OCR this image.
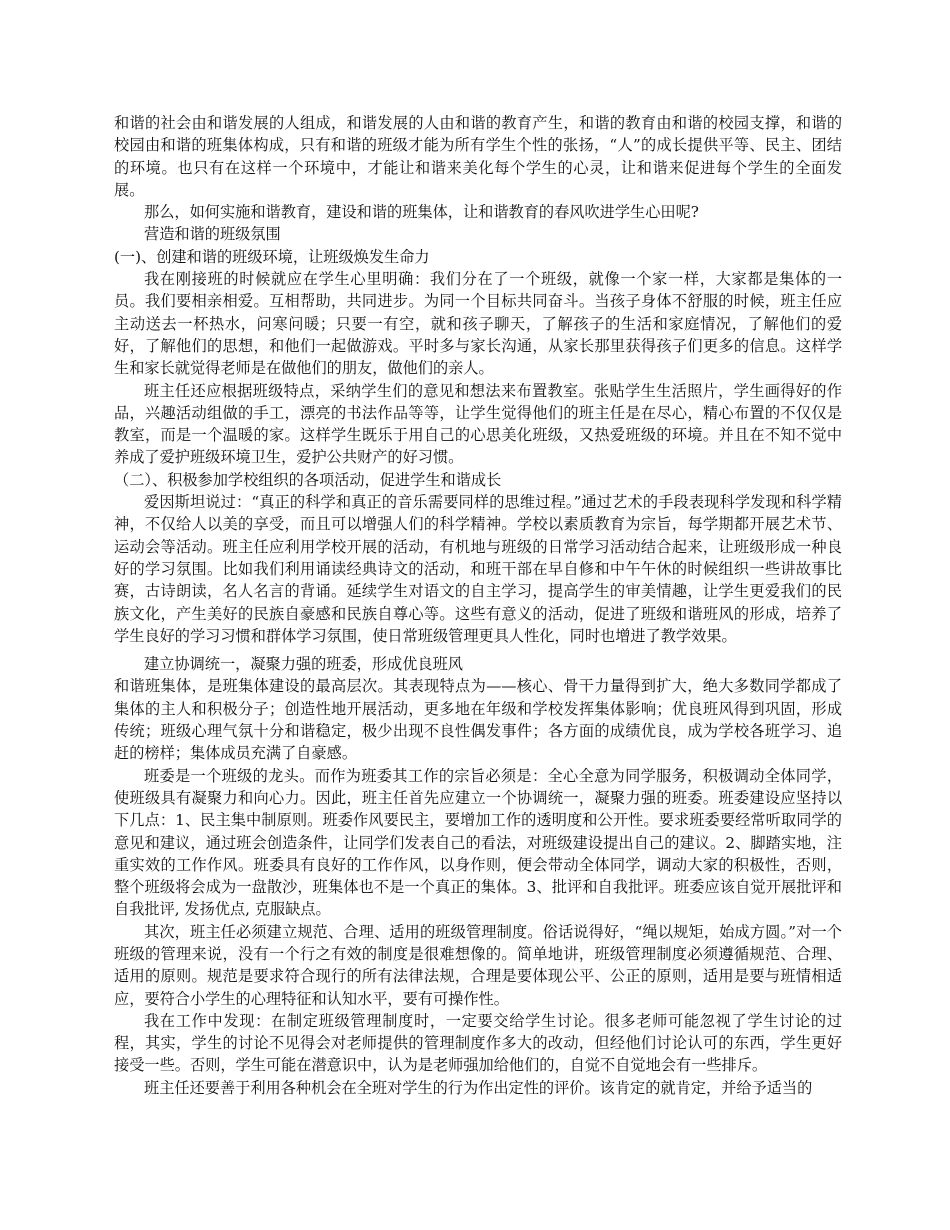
和谐的社会由和谐发展的人组成，和谐发展的人由和谐的教育产生，和谐的教育由和谐的校园支撑，和谐的校园由和谐的班集体构成，只有和谐的班级才能为所有学生个性的张扬，“人”的成长提供平等、民主、团结的环境。也只有在这样一个环境中，才能让和谐来美化每个学生的心灵，让和谐来促进每个学生的全面发展。

那么，如何实施和谐教育，建设和谐的班集体，让和谐教育的春风吹进学生心田呢?

营造和谐的班级氛围

(一)、创建和谐的班级环境，让班级焕发生命力

我在刚接班的时候就应在学生心里明确：我们分在了一个班级，就像一个家一样，大家都是集体的一员。我们要相亲相爱。互相帮助，共同进步。为同一个目标共同奋斗。当孩子身体不舒服的时候，班主任应主动送去一杯热水，问寒问暖；只要一有空，就和孩子聊天，了解孩子的生活和家庭情况，了解他们的爱好，了解他们的思想，和他们一起做游戏。平时多与家长沟通，从家长那里获得孩子们更多的信息。这样学生和家长就觉得老师是在做他们的朋友，做他们的亲人。

班主任还应根据班级特点，采纳学生们的意见和想法来布置教室。张贴学生生活照片，学生画得好的作品，兴趣活动组做的手工，漂亮的书法作品等等，让学生觉得他们的班主任是在尽心，精心布置的不仅仅是教室，而是一个温暖的家。这样学生既乐于用自己的心思美化班级，又热爱班级的环境。并且在不知不觉中养成了爱护班级环境卫生，爱护公共财产的好习惯。

（二）、积极参加学校组织的各项活动，促进学生和谐成长

爱因斯坦说过：“真正的科学和真正的音乐需要同样的思维过程。”通过艺术的手段表现科学发现和科学精神，不仅给人以美的享受，而且可以增强人们的科学精神。学校以素质教育为宗旨，每学期都开展艺术节、运动会等活动。班主任应利用学校开展的活动，有机地与班级的日常学习活动结合起来，让班级形成一种良好的学习氛围。比如我们利用诵读经典诗文的活动，和班干部在早自修和中午午休的时候组织一些讲故事比赛，古诗朗读，名人名言的背诵。延续学生对语文的自主学习，提高学生的审美情趣，让学生更爱我们的民族文化，产生美好的民族自豪感和民族自尊心等。这些有意义的活动，促进了班级和谐班风的形成，培养了学生良好的学习习惯和群体学习氛围，使日常班级管理更具人性化，同时也增进了教学效果。

建立协调统一，凝聚力强的班委，形成优良班风

和谐班集体，是班集体建设的最高层次。其表现特点为——核心、骨干力量得到扩大，绝大多数同学都成了集体的主人和积极分子；创造性地开展活动，更多地在年级和学校发挥集体影响；优良班风得到巩固，形成传统；班级心理气氛十分和谐稳定，极少出现不良性偶发事件；各方面的成绩优良，成为学校各班学习、追赶的榜样；集体成员充满了自豪感。

班委是一个班级的龙头。而作为班委其工作的宗旨必须是：全心全意为同学服务，积极调动全体同学，使班级具有凝聚力和向心力。因此，班主任首先应建立一个协调统一，凝聚力强的班委。班委建设应坚持以下几点：1、民主集中制原则。班委作风要民主，要增加工作的透明度和公开性。要求班委要经常听取同学的意见和建议，通过班会创造条件，让同学们发表自己的看法，对班级建设提出自己的建议。2、脚踏实地，注重实效的工作作风。班委具有良好的工作作风，以身作则，便会带动全体同学，调动大家的积极性，否则，整个班级将会成为一盘散沙，班集体也不是一个真正的集体。3、批评和自我批评。班委应该自觉开展批评和自我批评, 发扬优点, 克服缺点。

其次，班主任必须建立规范、合理、适用的班级管理制度。俗话说得好，“绳以规矩，始成方圆。”对一个班级的管理来说，没有一个行之有效的制度是很难想像的。简单地讲，班级管理制度必须遵循规范、合理、适用的原则。规范是要求符合现行的所有法律法规，合理是要体现公平、公正的原则，适用是要与班情相适应，要符合小学生的心理特征和认知水平，要有可操作性。

我在工作中发现：在制定班级管理制度时，一定要交给学生讨论。很多老师可能忽视了学生讨论的过程，其实，学生的讨论不见得会对老师提供的管理制度作多大的改动，但经他们讨论认可的东西，学生更好接受一些。否则，学生可能在潜意识中，认为是老师强加给他们的，自觉不自觉地会有一些排斥。

班主任还要善于利用各种机会在全班对学生的行为作出定性的评价。该肯定的就肯定，并给予适当的
